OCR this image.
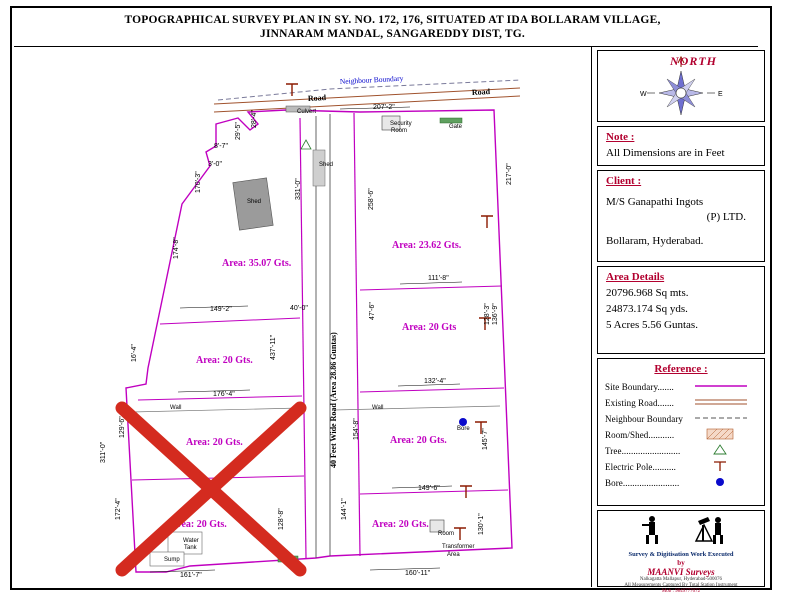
TOPOGRAPHICAL SURVEY PLAN IN SY. NO. 172, 176, SITUATED AT IDA BOLLARAM VILLAGE,
JINNARAM MANDAL, SANGAREDDY DIST, TG.
Area: 35.07 Gts.
Area: 23.62 Gts.
Area: 20 Gts.
Area: 20 Gts
Area: 20 Gts.	Area: 20 Gts.
Area: 20 Gts.	Area: 20 Gts.
Road
Road
40 Feet Wide Road (Area 28.86 Guntas)
Neighbour Boundary
Culvert
Security
Room
Gate
Shed
Shed
Wall	Wall
Bore
Room
Transformer
Area
Water
Tank
Sump
207'-2"
8'-7"
3'-0"
170'-3"
174'-8"
149'-2"
176'-4"
161'-7"	160'-11"
111'-8"
132'-4"
149'-6"
258'-6"
217'-0"
47'-6"	136'-9"
128'-3"
154'-8"
144'-1"
145'-7"
130'-1"
331'-0"
437'-11"
128'-8"
40'-0"
129'-6"
311'-0"
172'-4"
16'-4"
28'-4"
29'-5"
NORTH
W	E
Note :
All Dimensions are in Feet
Client :
M/S Ganapathi Ingots
(P) LTD.
Bollaram, Hyderabad.
Area Details
20796.968 Sq mts.
24873.174 Sq yds.
5 Acres 5.56 Guntas.
Reference :
Site Boundary.......
Existing Road.......
Neighbour Boundary
Room/Shed...........
Tree.........................
Electric Pole..........
Bore........................
Survey & Digitisation Work Executed
by
MAANVI Surveys
Nalkagatta Mallapur, Hyderabad-500076
All Measurements Captured By Total Station Instrument
Mob : 9849777072
